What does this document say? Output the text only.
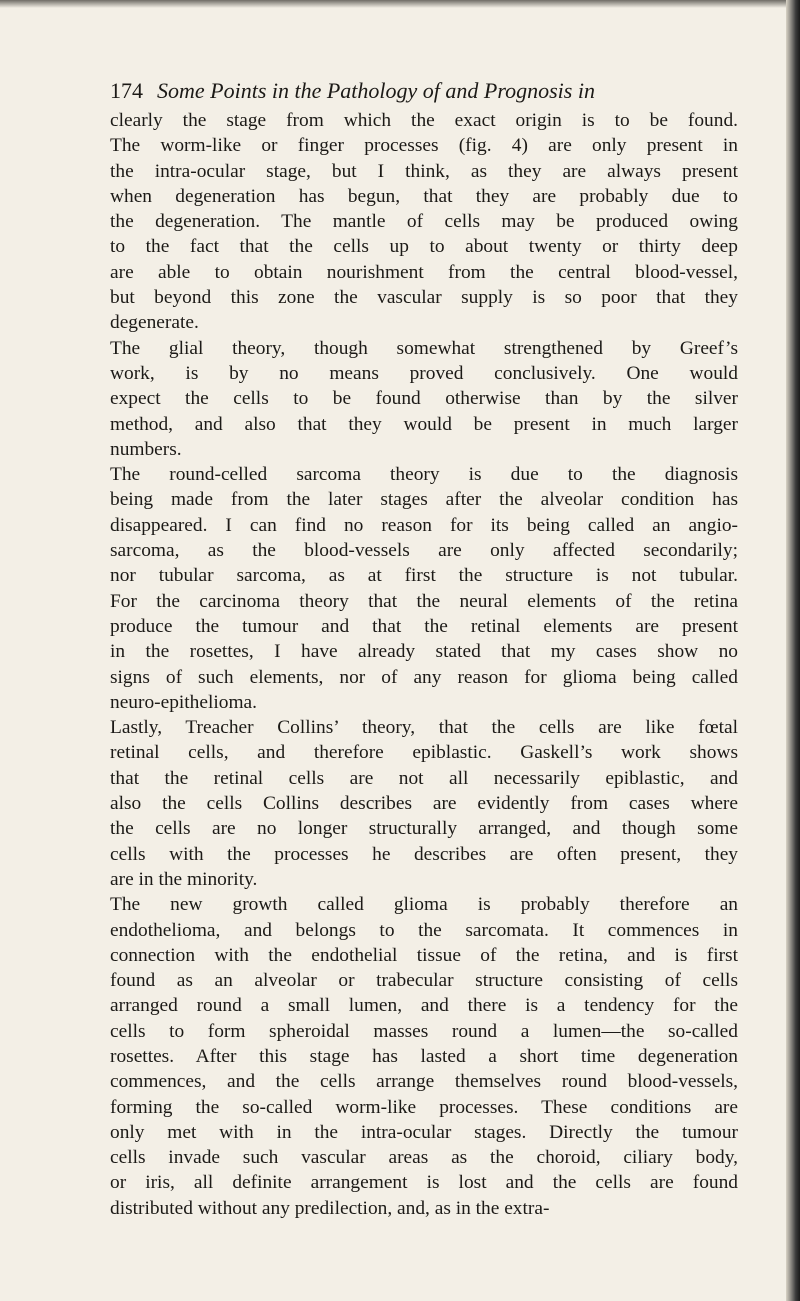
174 Some Points in the Pathology of and Prognosis in
clearly the stage from which the exact origin is to be found.
The worm-like or finger processes (fig. 4) are only present in
the intra-ocular stage, but I think, as they are always present
when degeneration has begun, that they are probably due to
the degeneration. The mantle of cells may be produced owing
to the fact that the cells up to about twenty or thirty deep
are able to obtain nourishment from the central blood-vessel,
but beyond this zone the vascular supply is so poor that they
degenerate.
The glial theory, though somewhat strengthened by Greef’s
work, is by no means proved conclusively. One would
expect the cells to be found otherwise than by the silver
method, and also that they would be present in much larger
numbers.
The round-celled sarcoma theory is due to the diagnosis
being made from the later stages after the alveolar condition has
disappeared. I can find no reason for its being called an angio-
sarcoma, as the blood-vessels are only affected secondarily;
nor tubular sarcoma, as at first the structure is not tubular.
For the carcinoma theory that the neural elements of the retina
produce the tumour and that the retinal elements are present
in the rosettes, I have already stated that my cases show no
signs of such elements, nor of any reason for glioma being called
neuro-epithelioma.
Lastly, Treacher Collins’ theory, that the cells are like fœtal
retinal cells, and therefore epiblastic. Gaskell’s work shows
that the retinal cells are not all necessarily epiblastic, and
also the cells Collins describes are evidently from cases where
the cells are no longer structurally arranged, and though some
cells with the processes he describes are often present, they
are in the minority.
The new growth called glioma is probably therefore an
endothelioma, and belongs to the sarcomata. It commences in
connection with the endothelial tissue of the retina, and is first
found as an alveolar or trabecular structure consisting of cells
arranged round a small lumen, and there is a tendency for the
cells to form spheroidal masses round a lumen—the so-called
rosettes. After this stage has lasted a short time degeneration
commences, and the cells arrange themselves round blood-vessels,
forming the so-called worm-like processes. These conditions are
only met with in the intra-ocular stages. Directly the tumour
cells invade such vascular areas as the choroid, ciliary body,
or iris, all definite arrangement is lost and the cells are found
distributed without any predilection, and, as in the extra-
